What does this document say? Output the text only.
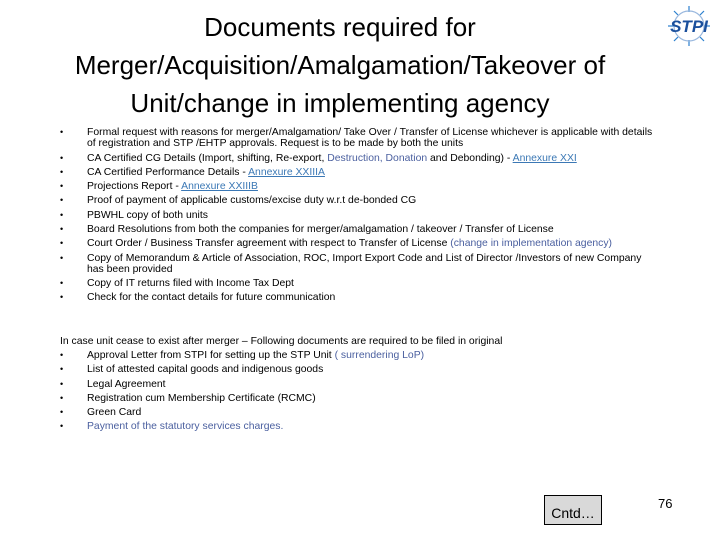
Documents required for Merger/Acquisition/Amalgamation/Takeover of Unit/change in implementing agency
STPI
• Formal request with reasons for merger/Amalgamation/ Take Over / Transfer of License whichever is applicable with details of registration and STP /EHTP approvals. Request is to be made by both the units
• CA Certified CG Details (Import, shifting, Re-export, Destruction, Donation and Debonding) - Annexure XXI
• CA Certified Performance Details - Annexure XXIIIA
• Projections Report - Annexure XXIIIB
• Proof of payment of applicable customs/excise duty w.r.t de-bonded CG
• PBWHL copy of both units
• Board Resolutions from both the companies for merger/amalgamation / takeover / Transfer of License
• Court Order / Business Transfer agreement with respect to Transfer of License (change in implementation agency)
• Copy of Memorandum & Article of Association, ROC, Import Export Code and List of Director /Investors of new Company has been provided
• Copy of IT returns filed with Income Tax Dept
• Check for the contact details for future communication

In case unit cease to exist after merger – Following documents are required to be filed in original

• Approval Letter from STPI for setting up the STP Unit ( surrendering LoP)
• List of attested capital goods and indigenous goods
• Legal Agreement
• Registration cum Membership Certificate (RCMC)
• Green Card
• Payment of the statutory services charges.
Cntd…
76
